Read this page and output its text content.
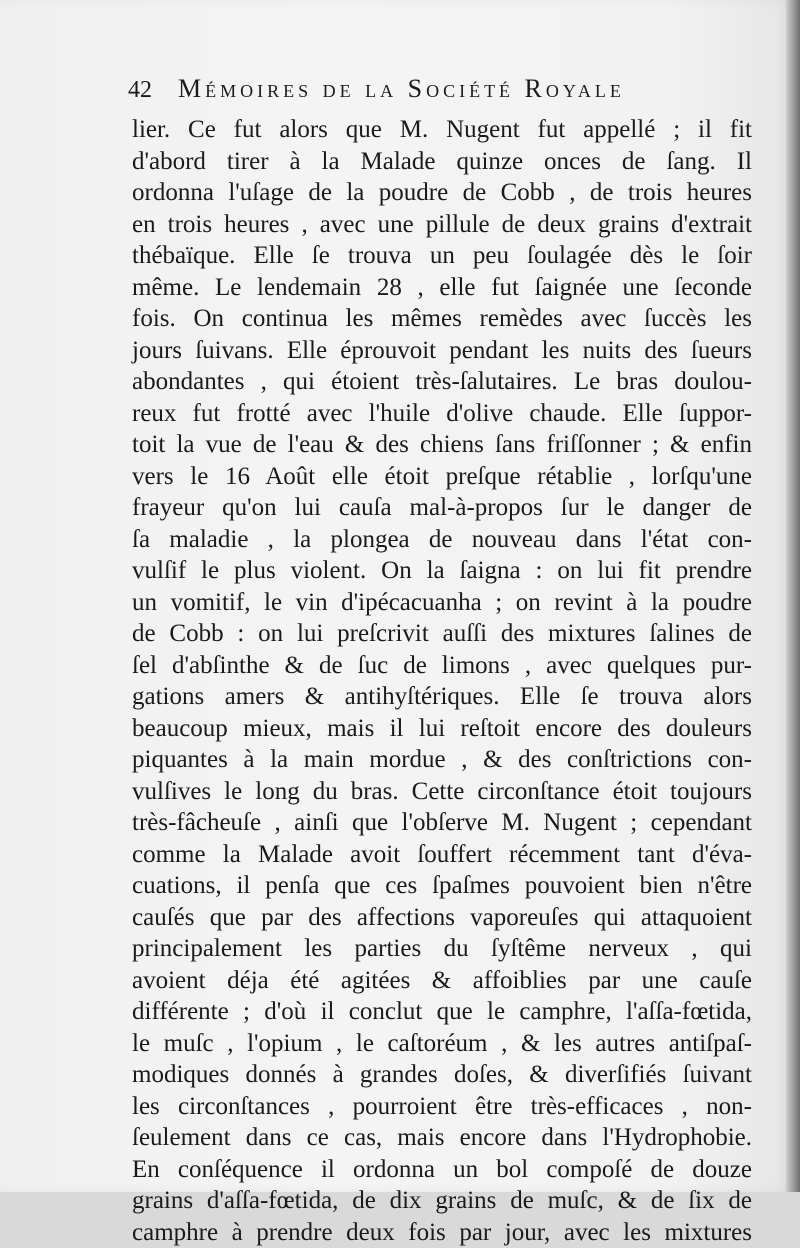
42	Mémoires de la Société Royale
lier. Ce fut alors que M. Nugent fut appellé ; il fit
d'abord tirer à la Malade quinze onces de ſang. Il
ordonna l'uſage de la poudre de Cobb , de trois heures
en trois heures , avec une pillule de deux grains d'extrait
thébaïque. Elle ſe trouva un peu ſoulagée dès le ſoir
même. Le lendemain 28 , elle fut ſaignée une ſeconde
fois. On continua les mêmes remèdes avec ſuccès les
jours ſuivans. Elle éprouvoit pendant les nuits des ſueurs
abondantes , qui étoient très-ſalutaires. Le bras doulou-
reux fut frotté avec l'huile d'olive chaude. Elle ſuppor-
toit la vue de l'eau & des chiens ſans friſſonner ; & enfin
vers le 16 Août elle étoit preſque rétablie , lorſqu'une
frayeur qu'on lui cauſa mal-à-propos ſur le danger de
ſa maladie , la plongea de nouveau dans l'état con-
vulſif le plus violent. On la ſaigna : on lui fit prendre
un vomitif, le vin d'ipécacuanha ; on revint à la poudre
de Cobb : on lui preſcrivit auſſi des mixtures ſalines de
ſel d'abſinthe & de ſuc de limons , avec quelques pur-
gations amers & antihyſtériques. Elle ſe trouva alors
beaucoup mieux, mais il lui reſtoit encore des douleurs
piquantes à la main mordue , & des conſtrictions con-
vulſives le long du bras. Cette circonſtance étoit toujours
très-fâcheuſe , ainſi que l'obſerve M. Nugent ; cependant
comme la Malade avoit ſouffert récemment tant d'éva-
cuations, il penſa que ces ſpaſmes pouvoient bien n'être
cauſés que par des affections vaporeuſes qui attaquoient
principalement les parties du ſyſtême nerveux , qui
avoient déja été agitées & affoiblies par une cauſe
différente ; d'où il conclut que le camphre, l'aſſa-fœtida,
le muſc , l'opium , le caſtoréum , & les autres antiſpaſ-
modiques donnés à grandes doſes, & diverſifiés ſuivant
les circonſtances , pourroient être très-efficaces , non-
ſeulement dans ce cas, mais encore dans l'Hydrophobie.
En conſéquence il ordonna un bol compoſé de douze
grains d'aſſa-fœtida, de dix grains de muſc, & de ſix de
camphre à prendre deux fois par jour, avec les mixtures
